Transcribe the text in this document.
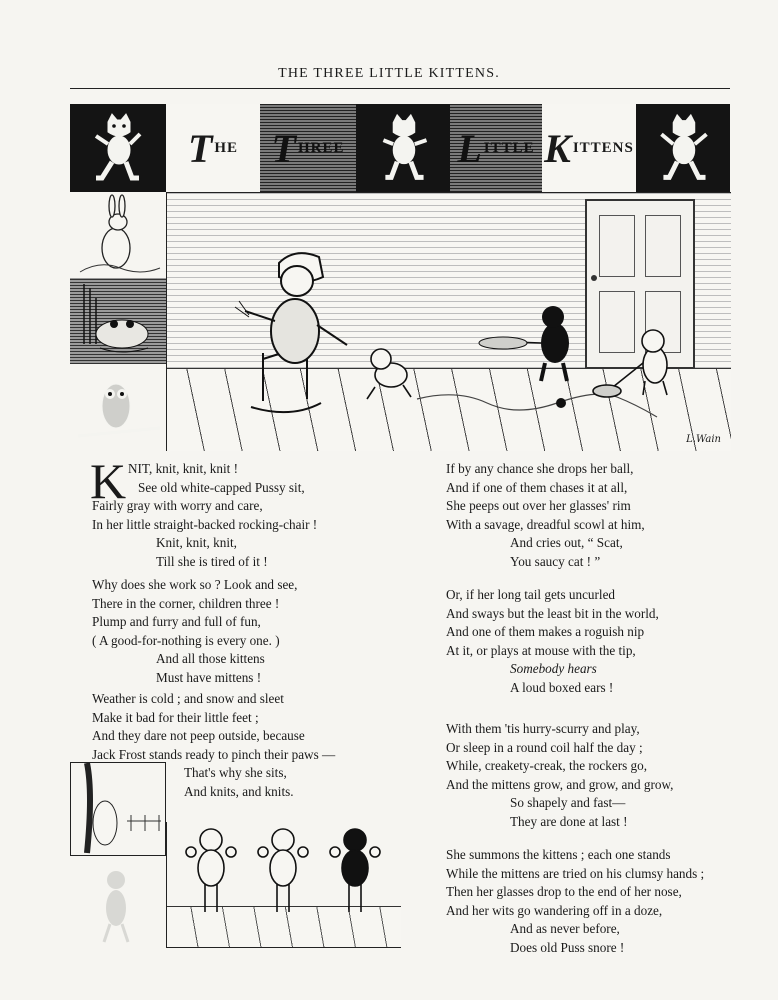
THE THREE LITTLE KITTENS.
T HE T HREE	L ITTLE K ITTENS
L.Wain
K NIT, knit, knit, knit !
See old white-capped Pussy sit,
Fairly gray with worry and care,
In her little straight-backed rocking-chair !
Knit, knit, knit,
Till she is tired of it !
Why does she work so ? Look and see,
There in the corner, children three !
Plump and furry and full of fun,
( A good-for-nothing is every one. )
And all those kittens
Must have mittens !
Weather is cold ; and snow and sleet
Make it bad for their little feet ;
And they dare not peep outside, because
Jack Frost stands ready to pinch their paws —
That's why she sits,
And knits, and knits.
If by any chance she drops her ball,
And if one of them chases it at all,
She peeps out over her glasses' rim
With a savage, dreadful scowl at him,
And cries out, “ Scat,
You saucy cat ! ”
Or, if her long tail gets uncurled
And sways but the least bit in the world,
And one of them makes a roguish nip
At it, or plays at mouse with the tip,
Somebody hears
A loud boxed ears !
With them 'tis hurry-scurry and play,
Or sleep in a round coil half the day ;
While, creakety-creak, the rockers go,
And the mittens grow, and grow, and grow,
So shapely and fast—
They are done at last !
She summons the kittens ; each one stands
While the mittens are tried on his clumsy hands ;
Then her glasses drop to the end of her nose,
And her wits go wandering off in a doze,
And as never before,
Does old Puss snore !
